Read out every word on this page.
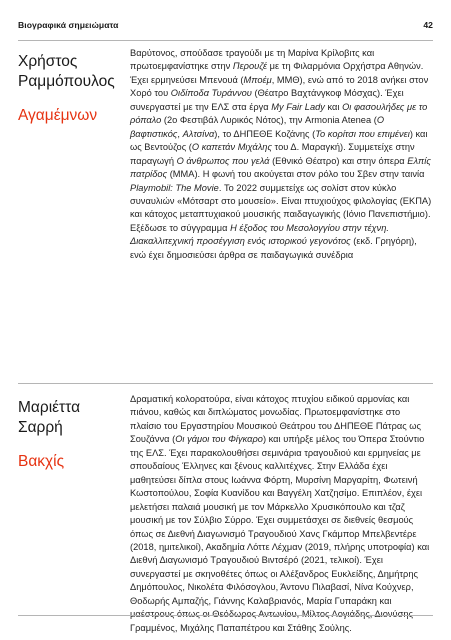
Βιογραφικά σημειώματα	42
Χρήστος
Ραμμόπουλος
Αγαμέμνων

Βαρύτονος, σπούδασε τραγούδι με τη Μαρίνα Κρίλοβιτς και πρωτοεμφανίστηκε στην Περουζέ με τη Φιλαρμόνια Ορχήστρα Αθηνών. Έχει ερμηνεύσει Μπενουά (Μποέμ, ΜΜΘ), ενώ από το 2018 ανήκει στον Χορό του Οιδίποδα Τυράννου (Θέατρο Βαχτάνγκοφ Μόσχας). Έχει συνεργαστεί με την ΕΛΣ στα έργα My Fair Lady και Οι φασουλήδες με το ρόπαλο (2ο Φεστιβάλ Λυρικός Νότος), την Armonia Atenea (Ο βαφτιστικός, Αλτσίνα), το ΔΗΠΕΘΕ Κοζάνης (Το κορίτσι που επιμένει) και ως Βεντούζος (Ο καπετάν Μιχάλης του Δ. Μαραγκή). Συμμετείχε στην παραγωγή Ο άνθρωπος που γελά (Εθνικό Θέατρο) και στην όπερα Ελπίς πατρίδος (ΜΜΑ). Η φωνή του ακούγεται στον ρόλο του Σβεν στην ταινία Playmobil: The Movie. Το 2022 συμμετείχε ως σολίστ στον κύκλο συναυλιών «Μότσαρτ στο μουσείο». Είναι πτυχιούχος φιλολογίας (ΕΚΠΑ) και κάτοχος μεταπτυχιακού μουσικής παιδαγωγικής (Ιόνιο Πανεπιστήμιο). Εξέδωσε το σύγγραμμα Η έξοδος του Μεσολογγίου στην τέχνη. Διακαλλιτεχνική προσέγγιση ενός ιστορικού γεγονότος (εκδ. Γρηγόρη), ενώ έχει δημοσιεύσει άρθρα σε παιδαγωγικά συνέδρια

Μαριέττα
Σαρρή
Βακχίς

Δραματική κολορατούρα, είναι κάτοχος πτυχίου ειδικού αρμονίας και πιάνου, καθώς και διπλώματος μονωδίας. Πρωτοεμφανίστηκε στο πλαίσιο του Εργαστηρίου Μουσικού Θεάτρου του ΔΗΠΕΘΕ Πάτρας ως Σουζάννα (Οι γάμοι του Φίγκαρο) και υπήρξε μέλος του Όπερα Στούντιο της ΕΛΣ. Έχει παρακολουθήσει σεμινάρια τραγουδιού και ερμηνείας με σπουδαίους Έλληνες και ξένους καλλιτέχνες. Στην Ελλάδα έχει μαθητεύσει δίπλα στους Ιωάννα Φόρτη, Μυρσίνη Μαργαρίτη, Φωτεινή Κωστοπούλου, Σοφία Κυανίδου και Βαγγέλη Χατζησίμο. Επιπλέον, έχει μελετήσει παλαιά μουσική με τον Μάρκελλο Χρυσικόπουλο και τζαζ μουσική με τον Σύλβιο Σύρρο. Έχει συμμετάσχει σε διεθνείς θεσμούς όπως σε Διεθνή Διαγωνισμό Τραγουδιού Χανς Γκάμπορ Μπελβεντέρε (2018, ημιτελικοί), Ακαδημία Λόττε Λέχμαν (2019, πλήρης υποτροφία) και Διεθνή Διαγωνισμό Τραγουδιού Βιντσέρό (2021, τελικοί). Έχει συνεργαστεί με σκηνοθέτες όπως οι Αλέξανδρος Ευκλείδης, Δημήτρης Δημόπουλος, Νικολέτα Φιλόσογλου, Άντονυ Πιλαβασί, Νίνα Κούχνερ, Θοδωρής Αμπαζής, Γιάννης Καλαβριανός, Μαρία Γυπαράκη και μαέστρους όπως οι Θεόδωρος Αντωνίου, Μίλτος Λογιάδης, Διονύσης Γραμμένος, Μιχάλης Παπαπέτρου και Στάθης Σούλης.
